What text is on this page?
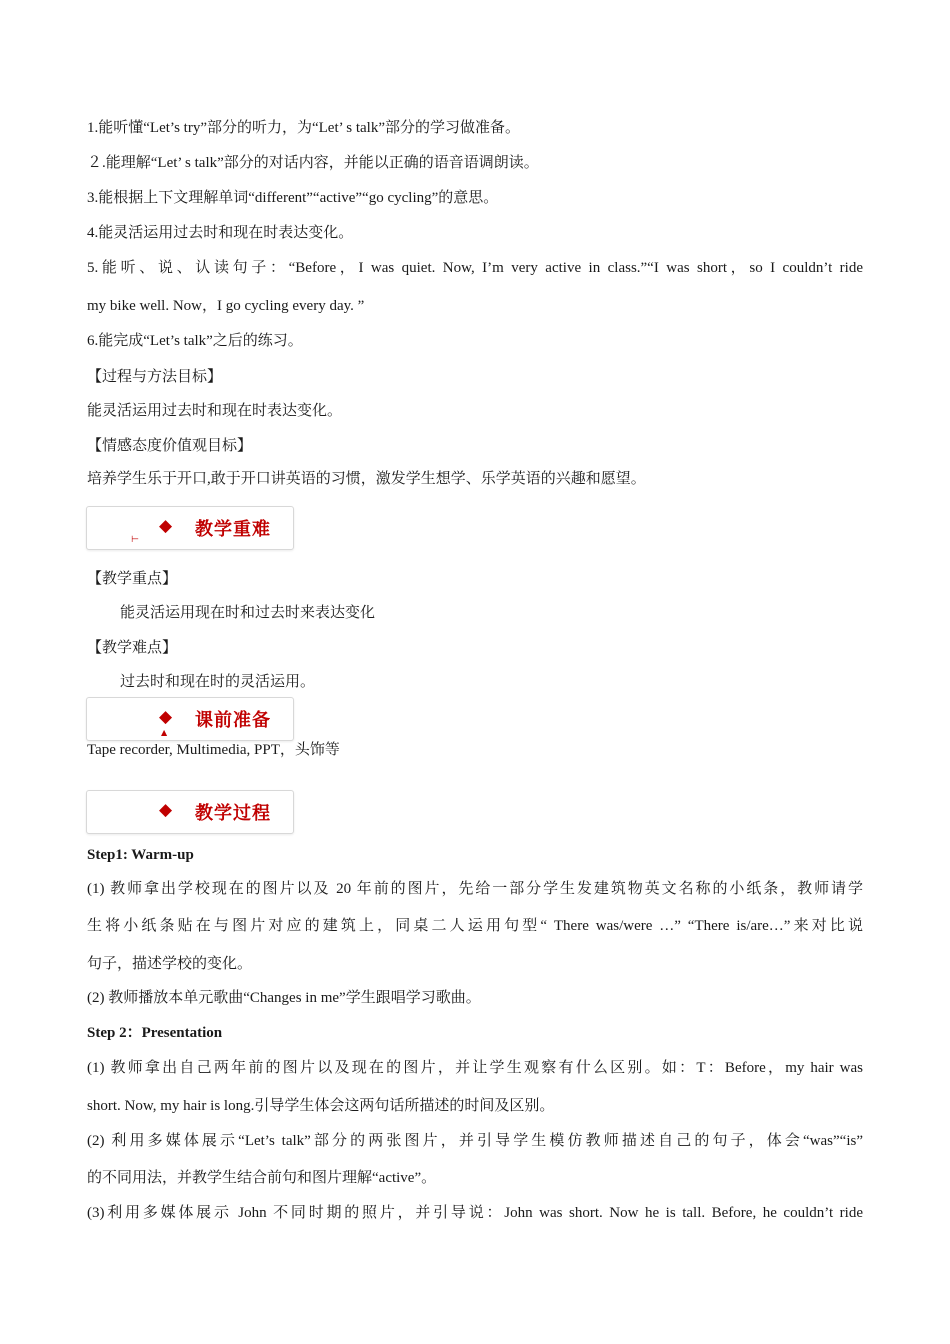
1.能听懂“Let’s try”部分的听力，为“Let’ s talk”部分的学习做准备。
２.能理解“Let’ s talk”部分的对话内容，并能以正确的语音语调朗读。
3.能根据上下文理解单词“different”“active”“go cycling”的意思。
4.能灵活运用过去时和现在时表达变化。
5.能听、说、认读句子：“Before，I was quiet. Now, I’m very active in class.”“I was short，so I couldn’t ride
my bike well. Now，I go cycling every day. ”
6.能完成“Let’s talk”之后的练习。
【过程与方法目标】
能灵活运用过去时和现在时表达变化。
【情感态度价值观目标】
培养学生乐于开口,敢于开口讲英语的习惯，激发学生想学、乐学英语的兴趣和愿望。
◆ 教学重难
⊢
【教学重点】
能灵活运用现在时和过去时来表达变化
【教学难点】
过去时和现在时的灵活运用。
◆ 课前准备
▲
Tape recorder, Multimedia, PPT，头饰等
◆ 教学过程
Step1: Warm-up
(1) 教师拿出学校现在的图片以及 20 年前的图片，先给一部分学生发建筑物英文名称的小纸条，教师请学
生将小纸条贴在与图片对应的建筑上，同桌二人运用句型“ There was/were …” “There is/are…”来对比说
句子，描述学校的变化。
(2) 教师播放本单元歌曲“Changes in me”学生跟唱学习歌曲。
Step 2：Presentation
(1) 教师拿出自己两年前的图片以及现在的图片，并让学生观察有什么区别。如：T：Before，my hair was
short. Now, my hair is long.引导学生体会这两句话所描述的时间及区别。
(2) 利用多媒体展示“Let’s talk”部分的两张图片，并引导学生模仿教师描述自己的句子，体会“was”“is”
的不同用法，并教学生结合前句和图片理解“active”。
(3)利用多媒体展示 John 不同时期的照片，并引导说：John was short. Now he is tall. Before, he couldn’t ride
